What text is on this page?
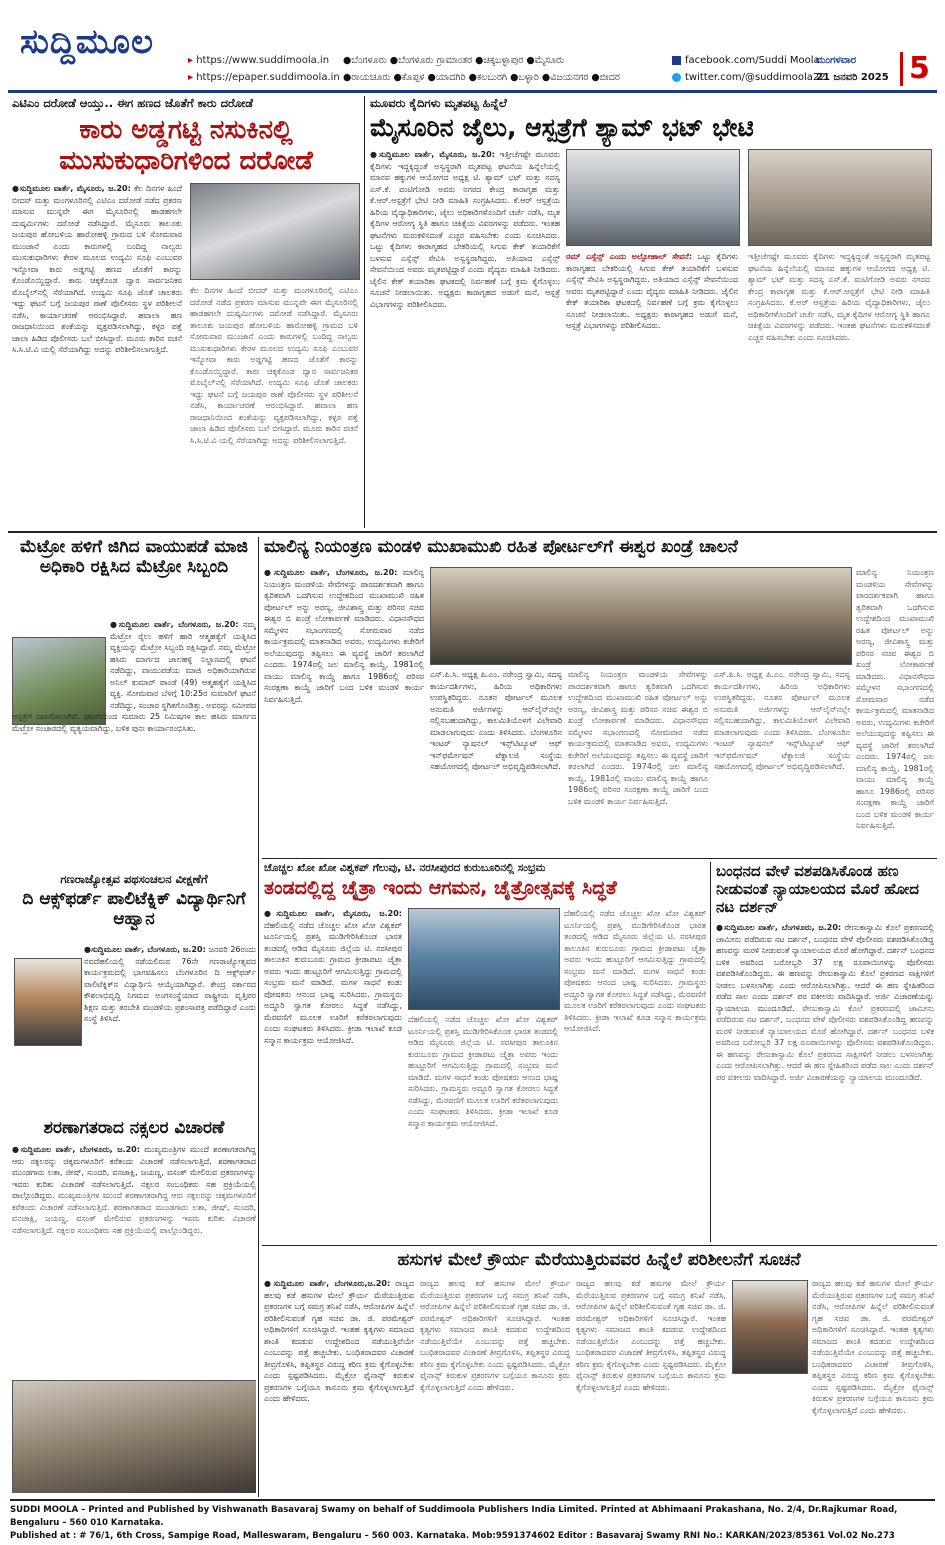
ಸುದ್ದಿಮೂಲ
▸	https://www.suddimoola.in
▸ https://epaper.suddimoola.in
●ಬೆಂಗಳೂರು ●ಬೆಂಗಳೂರು ಗ್ರಾಮಾಂತರ ●ಚಿಕ್ಕಬಳ್ಳಾಪುರ ●ಮೈಸೂರು
●ರಾಯಚೂರು ●ಕೊಪ್ಪಳ ●ಯಾದಗಿರಿ ●ಕಲಬುರಗಿ ●ಬಳ್ಳಾರಿ ●ವಿಜಯನಗರ ●ಬೀದರ
facebook.com/Suddi Moola
twitter.com/@suddimoola22
ಮಂಗಳವಾರ
21 ಜನವರಿ 2025 5
ಎಟಿಎಂ ದರೋಡೆ ಆಯ್ತು.. ಈಗ ಹಣದ ಜೊತೆಗೆ ಕಾರು ದರೋಡೆ
ಕಾರು ಅಡ್ಡಗಟ್ಟಿ ನಸುಕಿನಲ್ಲಿ ಮುಸುಕುಧಾರಿಗಳಿಂದ ದರೋಡೆ
●ಸುದ್ದಿಮೂಲ ವಾರ್ತೆ, ಮೈಸೂರು, ಜ.20: ಕೆಲ ದಿನಗಳ ಹಿಂದೆ ಬೀದರ್ ಮತ್ತು ಮಂಗಳೂರಿನಲ್ಲಿ ಎಟಿಎಂ ದರೋಡೆ ನಡೆದ ಪ್ರಕರಣ ಮಾಸುವ ಮುನ್ನವೇ ಈಗ ಮೈಸೂರಿನಲ್ಲಿ ಹಾಡಹಗಲೇ ದುಷ್ಕರ್ಮಿಗಳು ದರೋಡೆ ನಡೆಸಿದ್ದಾರೆ. ಮೈಸೂರು ತಾಲೂಕು ಜಯಪುರ ಹೋಬಳಿಯ ಹಾರೋಹಳ್ಳಿ ಗ್ರಾಮದ ಬಳಿ ಸೋಮವಾರ ಮುಂಜಾನೆ ಎಂದು ಕಾರುಗಳಲ್ಲಿ ಬಂದಿದ್ದ ನಾಲ್ವರು ಮುಸುಕುಧಾರಿಗಳು ಕೇರಳ ಮೂಲದ ಉದ್ಯಮಿ ಸೂಫಿ ಎಂಬುವರ ಇನ್ನೋವಾ ಕಾರು ಅಡ್ಡಗಟ್ಟಿ ಹಣದ ಜೊತೆಗೆ ಕಾರನ್ನು ಕೊಂಡೊಯ್ದಿದ್ದಾರೆ. ಕಾರು ಚಿಕ್ಕಕೊಂಡ ದ್ವಾರ ಸಾರ್ವಜನಿಕರ ಮೊಬೈಲ್‌ನಲ್ಲಿ ಸೆರೆಯಾಗಿದೆ. ಉದ್ಯಮಿ ಸೂಫಿ ಜೊತೆ ಚಾಲಕರು ಇದ್ದು ಘಟನೆ ಬಗ್ಗೆ ಜಯಪುರ ಠಾಣೆ ಪೊಲೀಸರು ಸ್ಥಳ ಪರಿಶೀಲನೆ ನಡೆಸಿ, ಕಾರ್ಯಾಚರಣೆ ಆರಂಭಿಸಿದ್ದಾರೆ. ಹವಾಲಾ ಹಣ ರಾಜಧಾನಿಯಿಂದ ಶಂಕೆಯನ್ನು ವ್ಯಕ್ತಪಡಿಸಲಾಗಿದ್ದು, ಕಳ್ಳರ ಪತ್ತೆ ಜಾಲಾ ಹಿಡಿದ ಪೊಲೀಸರು ಬಲೆ ಬೀಸಿದ್ದಾರೆ. ಮೂರು ಕಾರಿನ ರಚನೆ ಸಿ.ಸಿ.ಟಿ.ವಿ ಯಲ್ಲಿ ಸೆರೆಯಾಗಿದ್ದು ಅದನ್ನು ಪರಿಶೀಲಿಸಲಾಗುತ್ತಿದೆ.
ಕೆಲ ದಿನಗಳ ಹಿಂದೆ ಬೀದರ್ ಮತ್ತು ಮಂಗಳೂರಿನಲ್ಲಿ ಎಟಿಎಂ ದರೋಡೆ ನಡೆದ ಪ್ರಕರಣ ಮಾಸುವ ಮುನ್ನವೇ ಈಗ ಮೈಸೂರಿನಲ್ಲಿ ಹಾಡಹಗಲೇ ದುಷ್ಕರ್ಮಿಗಳು ದರೋಡೆ ನಡೆಸಿದ್ದಾರೆ. ಮೈಸೂರು ತಾಲೂಕು ಜಯಪುರ ಹೋಬಳಿಯ ಹಾರೋಹಳ್ಳಿ ಗ್ರಾಮದ ಬಳಿ ಸೋಮವಾರ ಮುಂಜಾನೆ ಎಂದು ಕಾರುಗಳಲ್ಲಿ ಬಂದಿದ್ದ ನಾಲ್ವರು ಮುಸುಕುಧಾರಿಗಳು ಕೇರಳ ಮೂಲದ ಉದ್ಯಮಿ ಸೂಫಿ ಎಂಬುವರ ಇನ್ನೋವಾ ಕಾರು ಅಡ್ಡಗಟ್ಟಿ ಹಣದ ಜೊತೆಗೆ ಕಾರನ್ನು ಕೊಂಡೊಯ್ದಿದ್ದಾರೆ. ಕಾರು ಚಿಕ್ಕಕೊಂಡ ದ್ವಾರ ಸಾರ್ವಜನಿಕರ ಮೊಬೈಲ್‌ನಲ್ಲಿ ಸೆರೆಯಾಗಿದೆ. ಉದ್ಯಮಿ ಸೂಫಿ ಜೊತೆ ಚಾಲಕರು ಇದ್ದು ಘಟನೆ ಬಗ್ಗೆ ಜಯಪುರ ಠಾಣೆ ಪೊಲೀಸರು ಸ್ಥಳ ಪರಿಶೀಲನೆ ನಡೆಸಿ, ಕಾರ್ಯಾಚರಣೆ ಆರಂಭಿಸಿದ್ದಾರೆ. ಹವಾಲಾ ಹಣ ರಾಜಧಾನಿಯಿಂದ ಶಂಕೆಯನ್ನು ವ್ಯಕ್ತಪಡಿಸಲಾಗಿದ್ದು, ಕಳ್ಳರ ಪತ್ತೆ ಜಾಲಾ ಹಿಡಿದ ಪೊಲೀಸರು ಬಲೆ ಬೀಸಿದ್ದಾರೆ. ಮೂರು ಕಾರಿನ ರಚನೆ ಸಿ.ಸಿ.ಟಿ.ವಿ ಯಲ್ಲಿ ಸೆರೆಯಾಗಿದ್ದು ಅದನ್ನು ಪರಿಶೀಲಿಸಲಾಗುತ್ತಿದೆ.
ಮೂವರು ಕೈದಿಗಳು ಮೃತಪಟ್ಟ ಹಿನ್ನೆಲೆ
ಮೈಸೂರಿನ ಜೈಲು, ಆಸ್ಪತ್ರೆಗೆ ಶ್ಯಾಮ್ ಭಟ್ ಭೇಟಿ
●ಸುದ್ದಿಮೂಲ ವಾರ್ತೆ, ಮೈಸೂರು, ಜ.20: ಇತ್ತೀಚೆಗಷ್ಟೇ ಮೂವರು ಕೈದಿಗಳು ಇದ್ದಕ್ಕಿದ್ದಂತೆ ಅಸ್ವಸ್ಥರಾಗಿ ಮೃತಪಟ್ಟ ಘಟನೆಯ ಹಿನ್ನೆಲೆಯಲ್ಲಿ ಮಾನವ ಹಕ್ಕುಗಳ ಆಯೋಗದ ಅಧ್ಯಕ್ಷ ಟಿ. ಶ್ಯಾಮ್ ಭಟ್ ಮತ್ತು ಸದಸ್ಯ ಎಸ್.ಕೆ. ವಂಟಿಗೋಡಿ ಅವರು ನಗರದ ಕೇಂದ್ರ ಕಾರಾಗೃಹ ಮತ್ತು ಕೆ.ಆರ್.ಆಸ್ಪತ್ರೆಗೆ ಭೇಟಿ ನೀಡಿ ಮಾಹಿತಿ ಸಂಗ್ರಹಿಸಿದರು. ಕೆ.ಆರ್ ಆಸ್ಪತ್ರೆಯ ಹಿರಿಯ ವೈದ್ಯಾಧಿಕಾರಿಗಳು, ಜೈಲು ಅಧಿಕಾರಿಗಳೊಂದಿಗೆ ಚರ್ಚೆ ನಡೆಸಿ, ಮೃತ ಕೈದಿಗಳ ಆರೋಗ್ಯ ಸ್ಥಿತಿ ಹಾಗೂ ಚಿಕಿತ್ಸೆಯ ವಿವರಗಳನ್ನು ಪಡೆದರು. ಇಂತಹ ಘಟನೆಗಳು ಮರುಕಳಿಸದಂತೆ ಎಚ್ಚರ ವಹಿಸಬೇಕು ಎಂದು ಸೂಚಿಸಿದರು. ಒಟ್ಟು ಕೈದಿಗಳು ಕಾರಾಗೃಹದ ಬೇಕರಿಯಲ್ಲಿ ಸಿಗುವ ಕೇಕ್ ತಯಾರಿಕೆಗೆ ಬಳಸುವ ಎಸ್ಸೆನ್ಸ್ ಸೇವಿಸಿ ಅಸ್ವಸ್ಥರಾಗಿದ್ದರು. ಅತಿಯಾದ ಎಸ್ಸೆನ್ಸ್ ಸೇವನೆಯಿಂದ ಅವರು ಮೃತಪಟ್ಟಿದ್ದಾರೆ ಎಂದು ವೈದ್ಯರು ಮಾಹಿತಿ ನೀಡಿದರು. ಜೈಲಿನ ಕೇಕ್ ತಯಾರಿಕಾ ಘಟಕದಲ್ಲಿ ನಿರ್ವಹಣೆ ಬಗ್ಗೆ ಕ್ರಮ ಕೈಗೊಳ್ಳಲು ಸೂಚನೆ ನೀಡಲಾಯಿತು. ಅಧ್ಯಕ್ಷರು ಕಾರಾಗೃಹದ ಅಡುಗೆ ಮನೆ, ಆಸ್ಪತ್ರೆ ವಿಭಾಗಗಳನ್ನು ಪರಿಶೀಲಿಸಿದರು.
ರಮ್ ಎಸ್ಸೆನ್ಸ್ ಎಂದು ಅಲ್ಪೋಹಾಲ್ ಸೇವನೆ: ಒಟ್ಟು ಕೈದಿಗಳು ಕಾರಾಗೃಹದ ಬೇಕರಿಯಲ್ಲಿ ಸಿಗುವ ಕೇಕ್ ತಯಾರಿಕೆಗೆ ಬಳಸುವ ಎಸ್ಸೆನ್ಸ್ ಸೇವಿಸಿ ಅಸ್ವಸ್ಥರಾಗಿದ್ದರು. ಅತಿಯಾದ ಎಸ್ಸೆನ್ಸ್ ಸೇವನೆಯಿಂದ ಅವರು ಮೃತಪಟ್ಟಿದ್ದಾರೆ ಎಂದು ವೈದ್ಯರು ಮಾಹಿತಿ ನೀಡಿದರು. ಜೈಲಿನ ಕೇಕ್ ತಯಾರಿಕಾ ಘಟಕದಲ್ಲಿ ನಿರ್ವಹಣೆ ಬಗ್ಗೆ ಕ್ರಮ ಕೈಗೊಳ್ಳಲು ಸೂಚನೆ ನೀಡಲಾಯಿತು. ಅಧ್ಯಕ್ಷರು ಕಾರಾಗೃಹದ ಅಡುಗೆ ಮನೆ, ಆಸ್ಪತ್ರೆ ವಿಭಾಗಗಳನ್ನು ಪರಿಶೀಲಿಸಿದರು.
ಇತ್ತೀಚೆಗಷ್ಟೇ ಮೂವರು ಕೈದಿಗಳು ಇದ್ದಕ್ಕಿದ್ದಂತೆ ಅಸ್ವಸ್ಥರಾಗಿ ಮೃತಪಟ್ಟ ಘಟನೆಯ ಹಿನ್ನೆಲೆಯಲ್ಲಿ ಮಾನವ ಹಕ್ಕುಗಳ ಆಯೋಗದ ಅಧ್ಯಕ್ಷ ಟಿ. ಶ್ಯಾಮ್ ಭಟ್ ಮತ್ತು ಸದಸ್ಯ ಎಸ್.ಕೆ. ವಂಟಿಗೋಡಿ ಅವರು ನಗರದ ಕೇಂದ್ರ ಕಾರಾಗೃಹ ಮತ್ತು ಕೆ.ಆರ್.ಆಸ್ಪತ್ರೆಗೆ ಭೇಟಿ ನೀಡಿ ಮಾಹಿತಿ ಸಂಗ್ರಹಿಸಿದರು. ಕೆ.ಆರ್ ಆಸ್ಪತ್ರೆಯ ಹಿರಿಯ ವೈದ್ಯಾಧಿಕಾರಿಗಳು, ಜೈಲು ಅಧಿಕಾರಿಗಳೊಂದಿಗೆ ಚರ್ಚೆ ನಡೆಸಿ, ಮೃತ ಕೈದಿಗಳ ಆರೋಗ್ಯ ಸ್ಥಿತಿ ಹಾಗೂ ಚಿಕಿತ್ಸೆಯ ವಿವರಗಳನ್ನು ಪಡೆದರು. ಇಂತಹ ಘಟನೆಗಳು ಮರುಕಳಿಸದಂತೆ ಎಚ್ಚರ ವಹಿಸಬೇಕು ಎಂದು ಸೂಚಿಸಿದರು.
ಮೆಟ್ರೋ ಹಳಿಗೆ ಜಿಗಿದ ವಾಯುಪಡೆ ಮಾಜಿ ಅಧಿಕಾರಿ ರಕ್ಷಿಸಿದ ಮೆಟ್ರೋ ಸಿಬ್ಬಂದಿ
●ಸುದ್ದಿಮೂಲ ವಾರ್ತೆ, ಬೆಂಗಳೂರು, ಜ.20: ನಮ್ಮ ಮೆಟ್ರೋ ರೈಲು ಹಳಿಗೆ ಹಾರಿ ಆತ್ಮಹತ್ಯೆಗೆ ಯತ್ನಿಸಿದ ವ್ಯಕ್ತಿಯನ್ನು ಮೆಟ್ರೋ ಸಿಬ್ಬಂದಿ ರಕ್ಷಿಸಿದ್ದಾರೆ. ನಮ್ಮ ಮೆಟ್ರೋ ಹಸಿರು ಮಾರ್ಗದ ಜಾಲಹಳ್ಳಿ ನಿಲ್ದಾಣದಲ್ಲಿ ಘಟನೆ ನಡೆದಿದ್ದು, ವಾಯುಪಡೆಯ ಮಾಜಿ ಅಧಿಕಾರಿಯಾಗಿರುವ ಅನಿಲ್ ಕುಮಾರ್ ಪಾಂಡೆ (49) ಆತ್ಮಹತ್ಯೆಗೆ ಯತ್ನಿಸಿದ ವ್ಯಕ್ತಿ. ಸೋಮವಾರ ಬೆಳಗ್ಗೆ 10:25ರ ಸುಮಾರಿಗೆ ಘಟನೆ ನಡೆದಿದ್ದು, ಸಂಚಾರ ಸ್ಥಗಿತಗೊಂಡಿತ್ತು. ಅವರನ್ನು ಸಮೀಪದ ಆಸ್ಪತ್ರೆಗೆ ದಾಖಲಿಸಲಾಗಿದೆ. ಘಟನೆಯಿಂದ ಸುಮಾರು 25 ನಿಮಿಷಗಳ ಕಾಲ ಹಸಿರು ಮಾರ್ಗದ ಮೆಟ್ರೋ ಸಂಚಾರದಲ್ಲಿ ವ್ಯತ್ಯಯವಾಗಿದ್ದು, ಬಳಿಕ ಪುನಃ ಕಾರ್ಯಾರಂಭಿಸಿತು.
ಗಣರಾಜ್ಯೋತ್ಸವ ಪಥಸಂಚಲನ ವೀಕ್ಷಣೆಗೆ
ದಿ ಆಕ್ಸ್‌ಫರ್ಡ್ ಪಾಲಿಟೆಕ್ನಿಕ್ ವಿದ್ಯಾರ್ಥಿನಿಗೆ ಆಹ್ವಾನ
●ಸುದ್ದಿಮೂಲ ವಾರ್ತೆ, ಬೆಂಗಳೂರು, ಜ.20: ಜನವರಿ 26ರಂದು ನವದೆಹಲಿಯಲ್ಲಿ ನಡೆಯಲಿರುವ 76ನೇ ಗಣರಾಜ್ಯೋತ್ಸವದ ಕಾರ್ಯಕ್ರಮದಲ್ಲಿ ಭಾಗವಹಿಸಲು ಬೆಂಗಳೂರಿನ ದಿ ಆಕ್ಸ್‌ಫರ್ಡ್ ಪಾಲಿಟೆಕ್ನಿಕ್‌ನ ವಿದ್ಯಾರ್ಥಿನಿ ಆಯ್ಕೆಯಾಗಿದ್ದಾರೆ. ಕೇಂದ್ರ ಸರ್ಕಾರದ ಕೌಶಲಾಭಿವೃದ್ಧಿ ನಿಗಮದ ಅಂಗಸಂಸ್ಥೆಯಾದ ರಾಷ್ಟ್ರೀಯ ವೃತ್ತಿಪರ ಶಿಕ್ಷಣ ಮತ್ತು ತರಬೇತಿ ಮಂಡಳಿಯ ಪ್ರಶಂಸಾಪತ್ರ ಪಡೆದಿದ್ದಾರೆ ಎಂದು ಸಂಸ್ಥೆ ತಿಳಿಸಿದೆ.
ಶರಣಾಗತರಾದ ನಕ್ಸಲರ ವಿಚಾರಣೆ
●ಸುದ್ದಿಮೂಲ ವಾರ್ತೆ, ಬೆಂಗಳೂರು, ಜ.20: ಮುಖ್ಯಮಂತ್ರಿಗಳ ಮುಂದೆ ಶರಣಾಗತರಾಗಿದ್ದ ಆರು ನಕ್ಸಲರನ್ನು ಚಿಕ್ಕಮಗಳೂರಿಗೆ ಕರೆತಂದು ವಿಚಾರಣೆ ನಡೆಸಲಾಗುತ್ತಿದೆ. ಶರಣಾಗತರಾದ ಮುಂಡಗಾರು ಲತಾ, ಜೀಷ್, ಸುಂದರಿ, ವನಜಾಕ್ಷಿ, ಜಯಣ್ಣ, ವಸಂತ್ ಮೇಲಿರುವ ಪ್ರಕರಣಗಳನ್ನು ಇವರು ಕುರಿತು ವಿಚಾರಣೆ ನಡೆಸಲಾಗುತ್ತಿದೆ. ನಕ್ಸಲರ ಸಂಬಂಧಿಕರು ಸಹ ಪ್ರಕ್ರಿಯೆಯಲ್ಲಿ ಪಾಲ್ಗೊಂಡಿದ್ದರು. ಮುಖ್ಯಮಂತ್ರಿಗಳ ಮುಂದೆ ಶರಣಾಗತರಾಗಿದ್ದ ಆರು ನಕ್ಸಲರನ್ನು ಚಿಕ್ಕಮಗಳೂರಿಗೆ ಕರೆತಂದು ವಿಚಾರಣೆ ನಡೆಸಲಾಗುತ್ತಿದೆ. ಶರಣಾಗತರಾದ ಮುಂಡಗಾರು ಲತಾ, ಜೀಷ್, ಸುಂದರಿ, ವನಜಾಕ್ಷಿ, ಜಯಣ್ಣ, ವಸಂತ್ ಮೇಲಿರುವ ಪ್ರಕರಣಗಳನ್ನು ಇವರು ಕುರಿತು ವಿಚಾರಣೆ ನಡೆಸಲಾಗುತ್ತಿದೆ. ನಕ್ಸಲರ ಸಂಬಂಧಿಕರು ಸಹ ಪ್ರಕ್ರಿಯೆಯಲ್ಲಿ ಪಾಲ್ಗೊಂಡಿದ್ದರು.
ಮಾಲಿನ್ಯ ನಿಯಂತ್ರಣ ಮಂಡಳಿ ಮುಖಾಮುಖಿ ರಹಿತ ಪೋರ್ಟಲ್‌ಗೆ ಈಶ್ವರ ಖಂಡ್ರೆ ಚಾಲನೆ
●ಸುದ್ದಿಮೂಲ ವಾರ್ತೆ, ಬೆಂಗಳೂರು, ಜ.20: ಮಾಲಿನ್ಯ ನಿಯಂತ್ರಣ ಮಂಡಳಿಯ ಸೇವೆಗಳನ್ನು ಪಾರದರ್ಶಕವಾಗಿ ಹಾಗೂ ತ್ವರಿತವಾಗಿ ಒದಗಿಸುವ ಉದ್ದೇಶದಿಂದ ಮುಖಾಮುಖಿ ರಹಿತ ಪೋರ್ಟಲ್ ಅನ್ನು ಅರಣ್ಯ, ಜೀವಿಶಾಸ್ತ್ರ ಮತ್ತು ಪರಿಸರ ಸಚಿವ ಈಶ್ವರ ಬಿ ಖಂಡ್ರೆ ಲೋಕಾರ್ಪಣೆ ಮಾಡಿದರು. ವಿಧಾನಸೌಧದ ಸಮ್ಮೇಳನ ಸಭಾಂಗಣದಲ್ಲಿ ಸೋಮವಾರ ನಡೆದ ಕಾರ್ಯಕ್ರಮದಲ್ಲಿ ಮಾತನಾಡಿದ ಅವರು, ಉದ್ಯಮಿಗಳು ಕಚೇರಿಗೆ ಅಲೆಯುವುದನ್ನು ತಪ್ಪಿಸಲು ಈ ವ್ಯವಸ್ಥೆ ಜಾರಿಗೆ ತರಲಾಗಿದೆ ಎಂದರು. 1974ರಲ್ಲಿ ಜಲ ಮಾಲಿನ್ಯ ಕಾಯ್ದೆ, 1981ರಲ್ಲಿ ವಾಯು ಮಾಲಿನ್ಯ ಕಾಯ್ದೆ ಹಾಗೂ 1986ರಲ್ಲಿ ಪರಿಸರ ಸಂರಕ್ಷಣಾ ಕಾಯ್ದೆ ಜಾರಿಗೆ ಬಂದ ಬಳಿಕ ಮಂಡಳಿ ಕಾರ್ಯ ನಿರ್ವಹಿಸುತ್ತಿದೆ.
ಎಸ್.ಪಿ.ಸಿ. ಅಧ್ಯಕ್ಷ ಪಿ.ಎಂ. ನರೇಂದ್ರ ಸ್ವಾಮಿ, ಸದಸ್ಯ ಕಾರ್ಯದರ್ಶಿಗಳು, ಹಿರಿಯ ಅಧಿಕಾರಿಗಳು ಉಪಸ್ಥಿತರಿದ್ದರು. ನೂತನ ಪೋರ್ಟಲ್ ಮೂಲಕ ಅನುಮತಿ ಅರ್ಜಿಗಳನ್ನು ಆನ್‌ಲೈನ್‌ನಲ್ಲೇ ಸಲ್ಲಿಸಬಹುದಾಗಿದ್ದು, ಕಾಲಮಿತಿಯೊಳಗೆ ವಿಲೇವಾರಿ ಮಾಡಲಾಗುವುದು ಎಂದು ತಿಳಿಸಿದರು. ಬೆಂಗಳೂರಿನ ಇಂಟರ್ ನ್ಯಾಷನಲ್ ಇನ್ಸ್‌ಟಿಟ್ಯೂಟ್ ಆಫ್ ಇನ್‌ಫರ್ಮೇಷನ್ ಟೆಕ್ನಾಲಜಿ ಸಂಸ್ಥೆಯ ಸಹಯೋಗದಲ್ಲಿ ಪೋರ್ಟಲ್ ಅಭಿವೃದ್ಧಿಪಡಿಸಲಾಗಿದೆ.
ಮಾಲಿನ್ಯ ನಿಯಂತ್ರಣ ಮಂಡಳಿಯ ಸೇವೆಗಳನ್ನು ಪಾರದರ್ಶಕವಾಗಿ ಹಾಗೂ ತ್ವರಿತವಾಗಿ ಒದಗಿಸುವ ಉದ್ದೇಶದಿಂದ ಮುಖಾಮುಖಿ ರಹಿತ ಪೋರ್ಟಲ್ ಅನ್ನು ಅರಣ್ಯ, ಜೀವಿಶಾಸ್ತ್ರ ಮತ್ತು ಪರಿಸರ ಸಚಿವ ಈಶ್ವರ ಬಿ ಖಂಡ್ರೆ ಲೋಕಾರ್ಪಣೆ ಮಾಡಿದರು. ವಿಧಾನಸೌಧದ ಸಮ್ಮೇಳನ ಸಭಾಂಗಣದಲ್ಲಿ ಸೋಮವಾರ ನಡೆದ ಕಾರ್ಯಕ್ರಮದಲ್ಲಿ ಮಾತನಾಡಿದ ಅವರು, ಉದ್ಯಮಿಗಳು ಕಚೇರಿಗೆ ಅಲೆಯುವುದನ್ನು ತಪ್ಪಿಸಲು ಈ ವ್ಯವಸ್ಥೆ ಜಾರಿಗೆ ತರಲಾಗಿದೆ ಎಂದರು. 1974ರಲ್ಲಿ ಜಲ ಮಾಲಿನ್ಯ ಕಾಯ್ದೆ, 1981ರಲ್ಲಿ ವಾಯು ಮಾಲಿನ್ಯ ಕಾಯ್ದೆ ಹಾಗೂ 1986ರಲ್ಲಿ ಪರಿಸರ ಸಂರಕ್ಷಣಾ ಕಾಯ್ದೆ ಜಾರಿಗೆ ಬಂದ ಬಳಿಕ ಮಂಡಳಿ ಕಾರ್ಯ ನಿರ್ವಹಿಸುತ್ತಿದೆ.
ಎಸ್.ಪಿ.ಸಿ. ಅಧ್ಯಕ್ಷ ಪಿ.ಎಂ. ನರೇಂದ್ರ ಸ್ವಾಮಿ, ಸದಸ್ಯ ಕಾರ್ಯದರ್ಶಿಗಳು, ಹಿರಿಯ ಅಧಿಕಾರಿಗಳು ಉಪಸ್ಥಿತರಿದ್ದರು. ನೂತನ ಪೋರ್ಟಲ್ ಮೂಲಕ ಅನುಮತಿ ಅರ್ಜಿಗಳನ್ನು ಆನ್‌ಲೈನ್‌ನಲ್ಲೇ ಸಲ್ಲಿಸಬಹುದಾಗಿದ್ದು, ಕಾಲಮಿತಿಯೊಳಗೆ ವಿಲೇವಾರಿ ಮಾಡಲಾಗುವುದು ಎಂದು ತಿಳಿಸಿದರು. ಬೆಂಗಳೂರಿನ ಇಂಟರ್ ನ್ಯಾಷನಲ್ ಇನ್ಸ್‌ಟಿಟ್ಯೂಟ್ ಆಫ್ ಇನ್‌ಫರ್ಮೇಷನ್ ಟೆಕ್ನಾಲಜಿ ಸಂಸ್ಥೆಯ ಸಹಯೋಗದಲ್ಲಿ ಪೋರ್ಟಲ್ ಅಭಿವೃದ್ಧಿಪಡಿಸಲಾಗಿದೆ.
ಮಾಲಿನ್ಯ ನಿಯಂತ್ರಣ ಮಂಡಳಿಯ ಸೇವೆಗಳನ್ನು ಪಾರದರ್ಶಕವಾಗಿ ಹಾಗೂ ತ್ವರಿತವಾಗಿ ಒದಗಿಸುವ ಉದ್ದೇಶದಿಂದ ಮುಖಾಮುಖಿ ರಹಿತ ಪೋರ್ಟಲ್ ಅನ್ನು ಅರಣ್ಯ, ಜೀವಿಶಾಸ್ತ್ರ ಮತ್ತು ಪರಿಸರ ಸಚಿವ ಈಶ್ವರ ಬಿ ಖಂಡ್ರೆ ಲೋಕಾರ್ಪಣೆ ಮಾಡಿದರು. ವಿಧಾನಸೌಧದ ಸಮ್ಮೇಳನ ಸಭಾಂಗಣದಲ್ಲಿ ಸೋಮವಾರ ನಡೆದ ಕಾರ್ಯಕ್ರಮದಲ್ಲಿ ಮಾತನಾಡಿದ ಅವರು, ಉದ್ಯಮಿಗಳು ಕಚೇರಿಗೆ ಅಲೆಯುವುದನ್ನು ತಪ್ಪಿಸಲು ಈ ವ್ಯವಸ್ಥೆ ಜಾರಿಗೆ ತರಲಾಗಿದೆ ಎಂದರು. 1974ರಲ್ಲಿ ಜಲ ಮಾಲಿನ್ಯ ಕಾಯ್ದೆ, 1981ರಲ್ಲಿ ವಾಯು ಮಾಲಿನ್ಯ ಕಾಯ್ದೆ ಹಾಗೂ 1986ರಲ್ಲಿ ಪರಿಸರ ಸಂರಕ್ಷಣಾ ಕಾಯ್ದೆ ಜಾರಿಗೆ ಬಂದ ಬಳಿಕ ಮಂಡಳಿ ಕಾರ್ಯ ನಿರ್ವಹಿಸುತ್ತಿದೆ.
ಚೊಚ್ಚಲ ಖೋ ಖೋ ವಿಶ್ವಕಪ್ ಗೆಲುವು, ಟಿ. ನರಸೀಪುರದ ಕುರುಬೂರಿನಲ್ಲಿ ಸಂಭ್ರಮ
ತಂಡದಲ್ಲಿದ್ದ ಚೈತ್ರಾ ಇಂದು ಆಗಮನ, ಚೈತ್ರೋತ್ಸವಕ್ಕೆ ಸಿದ್ಧತೆ
●ಸುದ್ದಿಮೂಲ ವಾರ್ತೆ, ಮೈಸೂರು, ಜ.20: ದೆಹಲಿಯಲ್ಲಿ ನಡೆದ ಚೊಚ್ಚಲ ಖೋ ಖೋ ವಿಶ್ವಕಪ್ ಟೂರ್ನಿಯಲ್ಲಿ ಪ್ರಶಸ್ತಿ ಮುಡಿಗೇರಿಸಿಕೊಂಡ ಭಾರತ ತಂಡದಲ್ಲಿ ಆಡಿದ ಮೈಸೂರು ಜಿಲ್ಲೆಯ ಟಿ. ನರಸೀಪುರ ತಾಲೂಕಿನ ಕುರುಬೂರು ಗ್ರಾಮದ ಕ್ರೀಡಾಪಟು ಚೈತ್ರಾ ಅವರು ಇಂದು ಹುಟ್ಟೂರಿಗೆ ಆಗಮಿಸುತ್ತಿದ್ದು ಗ್ರಾಮದಲ್ಲಿ ಸಂಭ್ರಮ ಮನೆ ಮಾಡಿದೆ. ಮಗಳ ಸಾಧನೆ ಕಂಡು ಪೋಷಕರು ಆನಂದ ಭಾಷ್ಪ ಸುರಿಸಿದರು. ಗ್ರಾಮಸ್ಥರು ಅದ್ಧೂರಿ ಸ್ವಾಗತ ಕೋರಲು ಸಿದ್ಧತೆ ನಡೆಸಿದ್ದು, ಮೆರವಣಿಗೆ ಮೂಲಕ ಊರಿಗೆ ಕರೆತರಲಾಗುವುದು ಎಂದು ಸಂಘಟಕರು ತಿಳಿಸಿದರು. ಕ್ರೀಡಾ ಇಲಾಖೆ ಕೂಡ ಸನ್ಮಾನ ಕಾರ್ಯಕ್ರಮ ಆಯೋಜಿಸಿದೆ.
ದೆಹಲಿಯಲ್ಲಿ ನಡೆದ ಚೊಚ್ಚಲ ಖೋ ಖೋ ವಿಶ್ವಕಪ್ ಟೂರ್ನಿಯಲ್ಲಿ ಪ್ರಶಸ್ತಿ ಮುಡಿಗೇರಿಸಿಕೊಂಡ ಭಾರತ ತಂಡದಲ್ಲಿ ಆಡಿದ ಮೈಸೂರು ಜಿಲ್ಲೆಯ ಟಿ. ನರಸೀಪುರ ತಾಲೂಕಿನ ಕುರುಬೂರು ಗ್ರಾಮದ ಕ್ರೀಡಾಪಟು ಚೈತ್ರಾ ಅವರು ಇಂದು ಹುಟ್ಟೂರಿಗೆ ಆಗಮಿಸುತ್ತಿದ್ದು ಗ್ರಾಮದಲ್ಲಿ ಸಂಭ್ರಮ ಮನೆ ಮಾಡಿದೆ. ಮಗಳ ಸಾಧನೆ ಕಂಡು ಪೋಷಕರು ಆನಂದ ಭಾಷ್ಪ ಸುರಿಸಿದರು. ಗ್ರಾಮಸ್ಥರು ಅದ್ಧೂರಿ ಸ್ವಾಗತ ಕೋರಲು ಸಿದ್ಧತೆ ನಡೆಸಿದ್ದು, ಮೆರವಣಿಗೆ ಮೂಲಕ ಊರಿಗೆ ಕರೆತರಲಾಗುವುದು ಎಂದು ಸಂಘಟಕರು ತಿಳಿಸಿದರು. ಕ್ರೀಡಾ ಇಲಾಖೆ ಕೂಡ ಸನ್ಮಾನ ಕಾರ್ಯಕ್ರಮ ಆಯೋಜಿಸಿದೆ.
ದೆಹಲಿಯಲ್ಲಿ ನಡೆದ ಚೊಚ್ಚಲ ಖೋ ಖೋ ವಿಶ್ವಕಪ್ ಟೂರ್ನಿಯಲ್ಲಿ ಪ್ರಶಸ್ತಿ ಮುಡಿಗೇರಿಸಿಕೊಂಡ ಭಾರತ ತಂಡದಲ್ಲಿ ಆಡಿದ ಮೈಸೂರು ಜಿಲ್ಲೆಯ ಟಿ. ನರಸೀಪುರ ತಾಲೂಕಿನ ಕುರುಬೂರು ಗ್ರಾಮದ ಕ್ರೀಡಾಪಟು ಚೈತ್ರಾ ಅವರು ಇಂದು ಹುಟ್ಟೂರಿಗೆ ಆಗಮಿಸುತ್ತಿದ್ದು ಗ್ರಾಮದಲ್ಲಿ ಸಂಭ್ರಮ ಮನೆ ಮಾಡಿದೆ. ಮಗಳ ಸಾಧನೆ ಕಂಡು ಪೋಷಕರು ಆನಂದ ಭಾಷ್ಪ ಸುರಿಸಿದರು. ಗ್ರಾಮಸ್ಥರು ಅದ್ಧೂರಿ ಸ್ವಾಗತ ಕೋರಲು ಸಿದ್ಧತೆ ನಡೆಸಿದ್ದು, ಮೆರವಣಿಗೆ ಮೂಲಕ ಊರಿಗೆ ಕರೆತರಲಾಗುವುದು ಎಂದು ಸಂಘಟಕರು ತಿಳಿಸಿದರು. ಕ್ರೀಡಾ ಇಲಾಖೆ ಕೂಡ ಸನ್ಮಾನ ಕಾರ್ಯಕ್ರಮ ಆಯೋಜಿಸಿದೆ.
ಬಂಧನದ ವೇಳೆ ವಶಪಡಿಸಿಕೊಂಡ ಹಣ ನೀಡುವಂತೆ ನ್ಯಾಯಾಲಯದ ಮೊರೆ ಹೋದ ನಟ ದರ್ಶನ್
●ಸುದ್ದಿಮೂಲ ವಾರ್ತೆ, ಬೆಂಗಳೂರು, ಜ.20: ರೇಣುಕಾಸ್ವಾಮಿ ಕೊಲೆ ಪ್ರಕರಣದಲ್ಲಿ ಜಾಮೀನು ಪಡೆದಿರುವ ನಟ ದರ್ಶನ್, ಬಂಧನದ ವೇಳೆ ಪೊಲೀಸರು ವಶಪಡಿಸಿಕೊಂಡಿದ್ದ ಹಣವನ್ನು ಮರಳಿ ನೀಡುವಂತೆ ನ್ಯಾಯಾಲಯದ ಮೊರೆ ಹೋಗಿದ್ದಾರೆ. ದರ್ಶನ್ ಬಂಧನದ ಬಳಿಕ ಅವರಿಂದ ಬರೋಬ್ಬರಿ 37 ಲಕ್ಷ ರೂಪಾಯಿಗಳನ್ನು ಪೊಲೀಸರು ವಶಪಡಿಸಿಕೊಂಡಿದ್ದರು. ಈ ಹಣವನ್ನು ರೇಣುಕಾಸ್ವಾಮಿ ಕೊಲೆ ಪ್ರಕರಣದ ಸಾಕ್ಷಿಗಳಿಗೆ ನೀಡಲು ಬಳಸಲಾಗಿತ್ತು ಎಂದು ಆರೋಪಿಸಲಾಗಿತ್ತು. ಆದರೆ ಈ ಹಣ ಸ್ನೇಹಿತರಿಂದ ಪಡೆದ ಸಾಲ ಎಂದು ದರ್ಶನ್ ಪರ ವಕೀಲರು ವಾದಿಸಿದ್ದಾರೆ. ಅರ್ಜಿ ವಿಚಾರಣೆಯನ್ನು ನ್ಯಾಯಾಲಯ ಮುಂದೂಡಿದೆ. ರೇಣುಕಾಸ್ವಾಮಿ ಕೊಲೆ ಪ್ರಕರಣದಲ್ಲಿ ಜಾಮೀನು ಪಡೆದಿರುವ ನಟ ದರ್ಶನ್, ಬಂಧನದ ವೇಳೆ ಪೊಲೀಸರು ವಶಪಡಿಸಿಕೊಂಡಿದ್ದ ಹಣವನ್ನು ಮರಳಿ ನೀಡುವಂತೆ ನ್ಯಾಯಾಲಯದ ಮೊರೆ ಹೋಗಿದ್ದಾರೆ. ದರ್ಶನ್ ಬಂಧನದ ಬಳಿಕ ಅವರಿಂದ ಬರೋಬ್ಬರಿ 37 ಲಕ್ಷ ರೂಪಾಯಿಗಳನ್ನು ಪೊಲೀಸರು ವಶಪಡಿಸಿಕೊಂಡಿದ್ದರು. ಈ ಹಣವನ್ನು ರೇಣುಕಾಸ್ವಾಮಿ ಕೊಲೆ ಪ್ರಕರಣದ ಸಾಕ್ಷಿಗಳಿಗೆ ನೀಡಲು ಬಳಸಲಾಗಿತ್ತು ಎಂದು ಆರೋಪಿಸಲಾಗಿತ್ತು. ಆದರೆ ಈ ಹಣ ಸ್ನೇಹಿತರಿಂದ ಪಡೆದ ಸಾಲ ಎಂದು ದರ್ಶನ್ ಪರ ವಕೀಲರು ವಾದಿಸಿದ್ದಾರೆ. ಅರ್ಜಿ ವಿಚಾರಣೆಯನ್ನು ನ್ಯಾಯಾಲಯ ಮುಂದೂಡಿದೆ.
ಹಸುಗಳ ಮೇಲೆ ಕ್ರೌರ್ಯ ಮೆರೆಯುತ್ತಿರುವವರ ಹಿನ್ನೆಲೆ ಪರಿಶೀಲನೆಗೆ ಸೂಚನೆ
●ಸುದ್ದಿಮೂಲ ವಾರ್ತೆ, ಬೆಂಗಳೂರು,ಜ.20: ರಾಜ್ಯದ ಹಲವು ಕಡೆ ಹಸುಗಳ ಮೇಲೆ ಕ್ರೌರ್ಯ ಮೆರೆಯುತ್ತಿರುವ ಪ್ರಕರಣಗಳ ಬಗ್ಗೆ ಸಮಗ್ರ ತನಿಖೆ ನಡೆಸಿ, ಆರೋಪಿಗಳ ಹಿನ್ನೆಲೆ ಪರಿಶೀಲಿಸುವಂತೆ ಗೃಹ ಸಚಿವ ಡಾ. ಜಿ. ಪರಮೇಶ್ವರ್ ಅಧಿಕಾರಿಗಳಿಗೆ ಸೂಚಿಸಿದ್ದಾರೆ. ಇಂತಹ ಕೃತ್ಯಗಳು ಸಮಾಜದ ಶಾಂತಿ ಕದಡುವ ಉದ್ದೇಶದಿಂದ ನಡೆಯುತ್ತಿವೆಯೇ ಎಂಬುದನ್ನು ಪತ್ತೆ ಹಚ್ಚಬೇಕು. ಬಂಧಿತರಾದವರ ವಿಚಾರಣೆ ತೀವ್ರಗೊಳಿಸಿ, ತಪ್ಪಿತಸ್ಥರ ವಿರುದ್ಧ ಕಠಿಣ ಕ್ರಮ ಕೈಗೊಳ್ಳಬೇಕು ಎಂದು ಸ್ಪಷ್ಟಪಡಿಸಿದರು. ಮೈಕ್ರೋ ಫೈನಾನ್ಸ್ ಕಿರುಕುಳ ಪ್ರಕರಣಗಳ ಬಗ್ಗೆಯೂ ಕಾನೂನು ಕ್ರಮ ಕೈಗೊಳ್ಳಲಾಗುತ್ತಿದೆ ಎಂದು ಹೇಳಿದರು.
ರಾಜ್ಯದ ಹಲವು ಕಡೆ ಹಸುಗಳ ಮೇಲೆ ಕ್ರೌರ್ಯ ಮೆರೆಯುತ್ತಿರುವ ಪ್ರಕರಣಗಳ ಬಗ್ಗೆ ಸಮಗ್ರ ತನಿಖೆ ನಡೆಸಿ, ಆರೋಪಿಗಳ ಹಿನ್ನೆಲೆ ಪರಿಶೀಲಿಸುವಂತೆ ಗೃಹ ಸಚಿವ ಡಾ. ಜಿ. ಪರಮೇಶ್ವರ್ ಅಧಿಕಾರಿಗಳಿಗೆ ಸೂಚಿಸಿದ್ದಾರೆ. ಇಂತಹ ಕೃತ್ಯಗಳು ಸಮಾಜದ ಶಾಂತಿ ಕದಡುವ ಉದ್ದೇಶದಿಂದ ನಡೆಯುತ್ತಿವೆಯೇ ಎಂಬುದನ್ನು ಪತ್ತೆ ಹಚ್ಚಬೇಕು. ಬಂಧಿತರಾದವರ ವಿಚಾರಣೆ ತೀವ್ರಗೊಳಿಸಿ, ತಪ್ಪಿತಸ್ಥರ ವಿರುದ್ಧ ಕಠಿಣ ಕ್ರಮ ಕೈಗೊಳ್ಳಬೇಕು ಎಂದು ಸ್ಪಷ್ಟಪಡಿಸಿದರು. ಮೈಕ್ರೋ ಫೈನಾನ್ಸ್ ಕಿರುಕುಳ ಪ್ರಕರಣಗಳ ಬಗ್ಗೆಯೂ ಕಾನೂನು ಕ್ರಮ ಕೈಗೊಳ್ಳಲಾಗುತ್ತಿದೆ ಎಂದು ಹೇಳಿದರು.
ರಾಜ್ಯದ ಹಲವು ಕಡೆ ಹಸುಗಳ ಮೇಲೆ ಕ್ರೌರ್ಯ ಮೆರೆಯುತ್ತಿರುವ ಪ್ರಕರಣಗಳ ಬಗ್ಗೆ ಸಮಗ್ರ ತನಿಖೆ ನಡೆಸಿ, ಆರೋಪಿಗಳ ಹಿನ್ನೆಲೆ ಪರಿಶೀಲಿಸುವಂತೆ ಗೃಹ ಸಚಿವ ಡಾ. ಜಿ. ಪರಮೇಶ್ವರ್ ಅಧಿಕಾರಿಗಳಿಗೆ ಸೂಚಿಸಿದ್ದಾರೆ. ಇಂತಹ ಕೃತ್ಯಗಳು ಸಮಾಜದ ಶಾಂತಿ ಕದಡುವ ಉದ್ದೇಶದಿಂದ ನಡೆಯುತ್ತಿವೆಯೇ ಎಂಬುದನ್ನು ಪತ್ತೆ ಹಚ್ಚಬೇಕು. ಬಂಧಿತರಾದವರ ವಿಚಾರಣೆ ತೀವ್ರಗೊಳಿಸಿ, ತಪ್ಪಿತಸ್ಥರ ವಿರುದ್ಧ ಕಠಿಣ ಕ್ರಮ ಕೈಗೊಳ್ಳಬೇಕು ಎಂದು ಸ್ಪಷ್ಟಪಡಿಸಿದರು. ಮೈಕ್ರೋ ಫೈನಾನ್ಸ್ ಕಿರುಕುಳ ಪ್ರಕರಣಗಳ ಬಗ್ಗೆಯೂ ಕಾನೂನು ಕ್ರಮ ಕೈಗೊಳ್ಳಲಾಗುತ್ತಿದೆ ಎಂದು ಹೇಳಿದರು.
ರಾಜ್ಯದ ಹಲವು ಕಡೆ ಹಸುಗಳ ಮೇಲೆ ಕ್ರೌರ್ಯ ಮೆರೆಯುತ್ತಿರುವ ಪ್ರಕರಣಗಳ ಬಗ್ಗೆ ಸಮಗ್ರ ತನಿಖೆ ನಡೆಸಿ, ಆರೋಪಿಗಳ ಹಿನ್ನೆಲೆ ಪರಿಶೀಲಿಸುವಂತೆ ಗೃಹ ಸಚಿವ ಡಾ. ಜಿ. ಪರಮೇಶ್ವರ್ ಅಧಿಕಾರಿಗಳಿಗೆ ಸೂಚಿಸಿದ್ದಾರೆ. ಇಂತಹ ಕೃತ್ಯಗಳು ಸಮಾಜದ ಶಾಂತಿ ಕದಡುವ ಉದ್ದೇಶದಿಂದ ನಡೆಯುತ್ತಿವೆಯೇ ಎಂಬುದನ್ನು ಪತ್ತೆ ಹಚ್ಚಬೇಕು. ಬಂಧಿತರಾದವರ ವಿಚಾರಣೆ ತೀವ್ರಗೊಳಿಸಿ, ತಪ್ಪಿತಸ್ಥರ ವಿರುದ್ಧ ಕಠಿಣ ಕ್ರಮ ಕೈಗೊಳ್ಳಬೇಕು ಎಂದು ಸ್ಪಷ್ಟಪಡಿಸಿದರು. ಮೈಕ್ರೋ ಫೈನಾನ್ಸ್ ಕಿರುಕುಳ ಪ್ರಕರಣಗಳ ಬಗ್ಗೆಯೂ ಕಾನೂನು ಕ್ರಮ ಕೈಗೊಳ್ಳಲಾಗುತ್ತಿದೆ ಎಂದು ಹೇಳಿದರು.
SUDDI MOOLA – Printed and Published by Vishwanath Basavaraj Swamy on behalf of Suddimoola Publishers India Limited. Printed at Abhimaani Prakashana, No. 2/4, Dr.Rajkumar Road, Bengaluru – 560 010 Karnataka.
Published at : # 76/1, 6th Cross, Sampige Road, Malleswaram, Bengaluru – 560 003. Karnataka. Mob:9591374602 Editor : Basavaraj Swamy RNI No.: KARKAN/2023/85361 Vol.02 No.273
